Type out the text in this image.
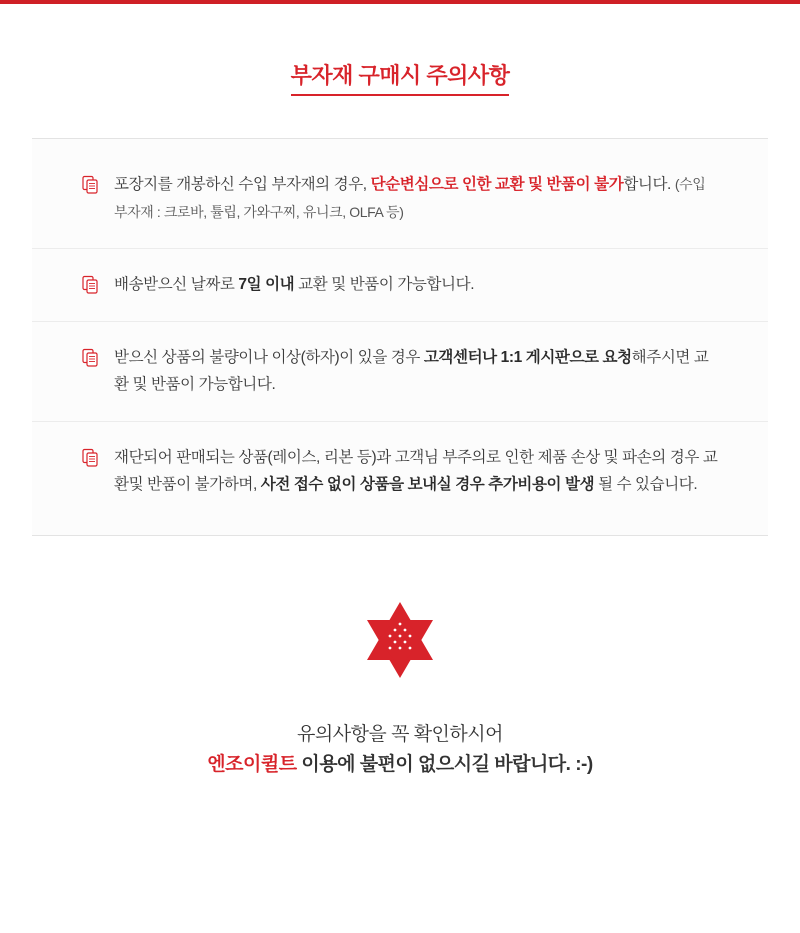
부자재 구매시 주의사항
포장지를 개봉하신 수입 부자재의 경우, 단순변심으로 인한 교환 및 반품이 불가합니다. (수입 부자재 : 크로바, 튤립, 가와구찌, 유니크, OLFA 등)
배송받으신 날짜로 7일 이내 교환 및 반품이 가능합니다.
받으신 상품의 불량이나 이상(하자)이 있을 경우 고객센터나 1:1 게시판으로 요청해주시면 교환 및 반품이 가능합니다.
재단되어 판매되는 상품(레이스, 리본 등)과 고객님 부주의로 인한 제품 손상 및 파손의 경우 교환및 반품이 불가하며, 사전 접수 없이 상품을 보내실 경우 추가비용이 발생 될 수 있습니다.
유의사항을 꼭 확인하시어
엔조이퀼트 이용에 불편이 없으시길 바랍니다. :-)
